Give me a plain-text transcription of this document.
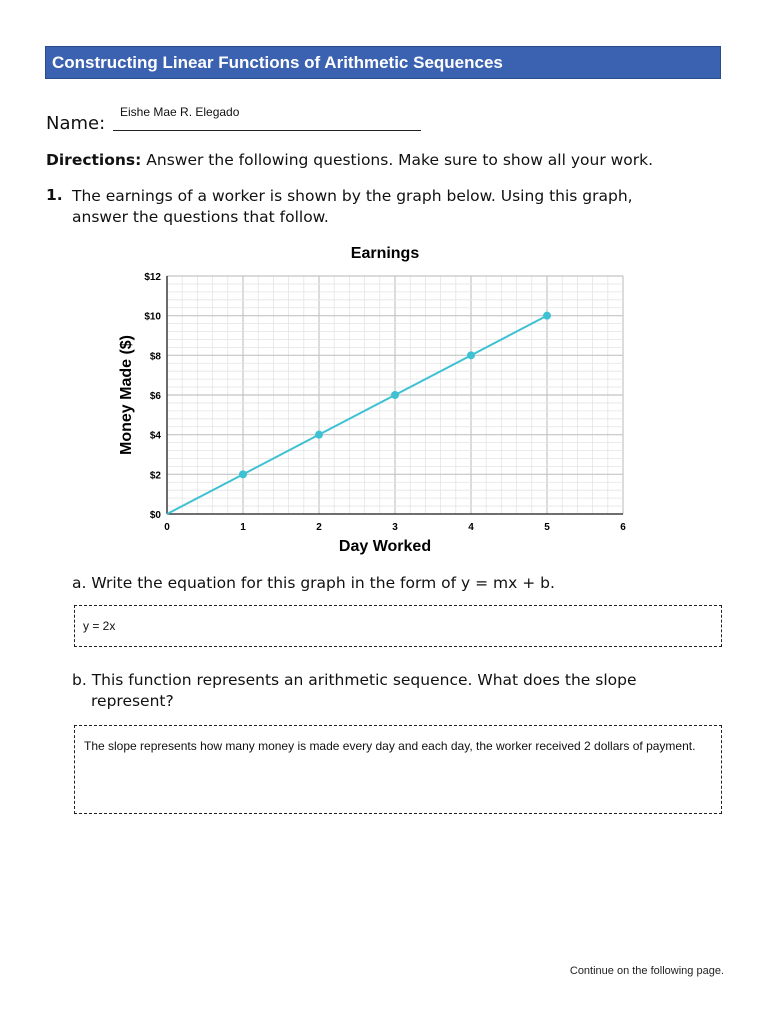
Constructing Linear Functions of Arithmetic Sequences
Name:
Eishe Mae R. Elegado
Directions: Answer the following questions. Make sure to show all your work.
1. The earnings of a worker is shown by the graph below. Using this graph,
answer the questions that follow.
Earnings
0	1	2	3	4	5	6
$0
$2
$4
$6
$8
$10
$12
Day Worked
Money Made ($)
a. Write the equation for this graph in the form of y = mx + b.
y = 2x
b. This function represents an arithmetic sequence. What does the slope
represent?
The slope represents how many money is made every day and each day, the worker received 2 dollars of payment.
Continue on the following page.
